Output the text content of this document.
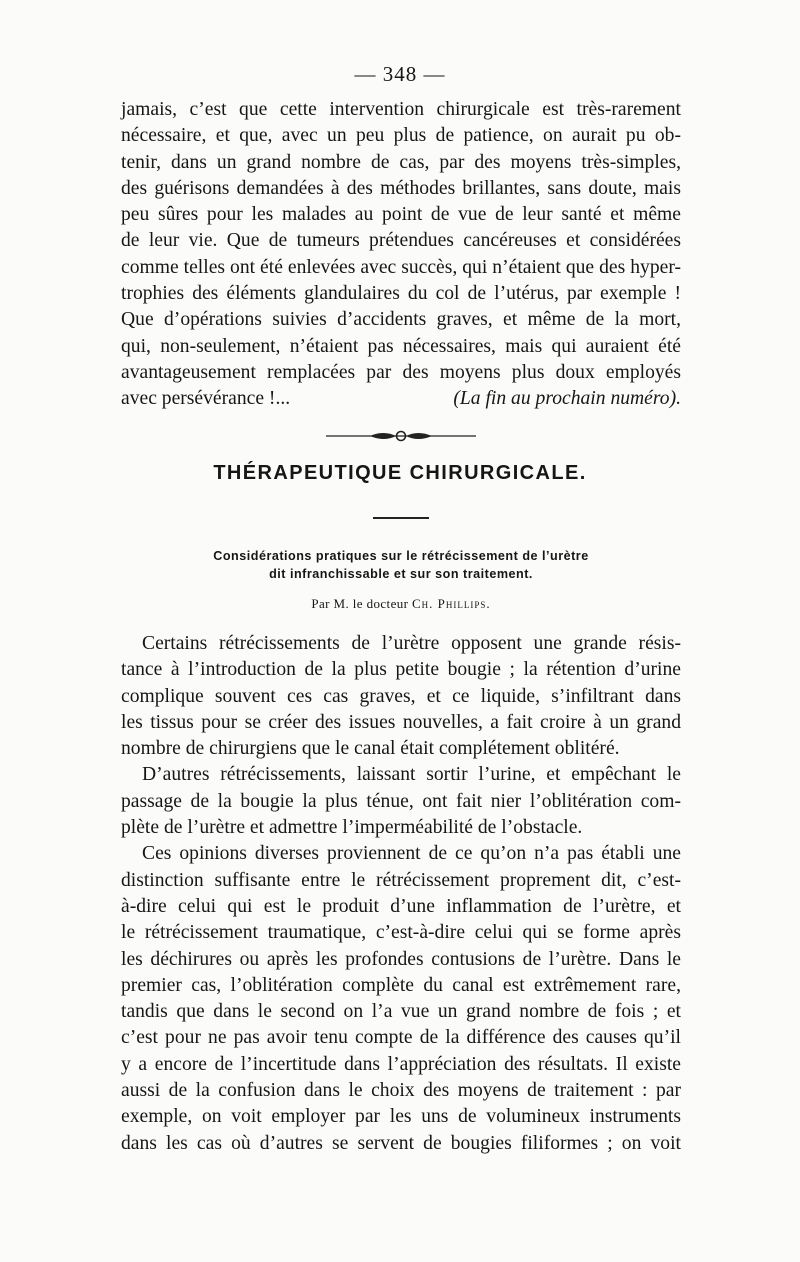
— 348 —
jamais, c’est que cette intervention chirurgicale est très-rarement
nécessaire, et que, avec un peu plus de patience, on aurait pu ob-
tenir, dans un grand nombre de cas, par des moyens très-simples,
des guérisons demandées à des méthodes brillantes, sans doute, mais
peu sûres pour les malades au point de vue de leur santé et même
de leur vie. Que de tumeurs prétendues cancéreuses et considérées
comme telles ont été enlevées avec succès, qui n’étaient que des hyper-
trophies des éléments glandulaires du col de l’utérus, par exemple !
Que d’opérations suivies d’accidents graves, et même de la mort,
qui, non-seulement, n’étaient pas nécessaires, mais qui auraient été
avantageusement remplacées par des moyens plus doux employés
avec persévérance !...	(La fin au prochain numéro).
THÉRAPEUTIQUE CHIRURGICALE.
Considérations pratiques sur le rétrécissement de l’urètre
dit infranchissable et sur son traitement.
Par M. le docteur Ch. Phillips.
Certains rétrécissements de l’urètre opposent une grande résis-
tance à l’introduction de la plus petite bougie ; la rétention d’urine
complique souvent ces cas graves, et ce liquide, s’infiltrant dans
les tissus pour se créer des issues nouvelles, a fait croire à un grand
nombre de chirurgiens que le canal était complétement oblitéré.
D’autres rétrécissements, laissant sortir l’urine, et empêchant le
passage de la bougie la plus ténue, ont fait nier l’oblitération com-
plète de l’urètre et admettre l’imperméabilité de l’obstacle.
Ces opinions diverses proviennent de ce qu’on n’a pas établi une
distinction suffisante entre le rétrécissement proprement dit, c’est-
à-dire celui qui est le produit d’une inflammation de l’urètre, et
le rétrécissement traumatique, c’est-à-dire celui qui se forme après
les déchirures ou après les profondes contusions de l’urètre. Dans le
premier cas, l’oblitération complète du canal est extrêmement rare,
tandis que dans le second on l’a vue un grand nombre de fois ; et
c’est pour ne pas avoir tenu compte de la différence des causes qu’il
y a encore de l’incertitude dans l’appréciation des résultats. Il existe
aussi de la confusion dans le choix des moyens de traitement : par
exemple, on voit employer par les uns de volumineux instruments
dans les cas où d’autres se servent de bougies filiformes ; on voit
